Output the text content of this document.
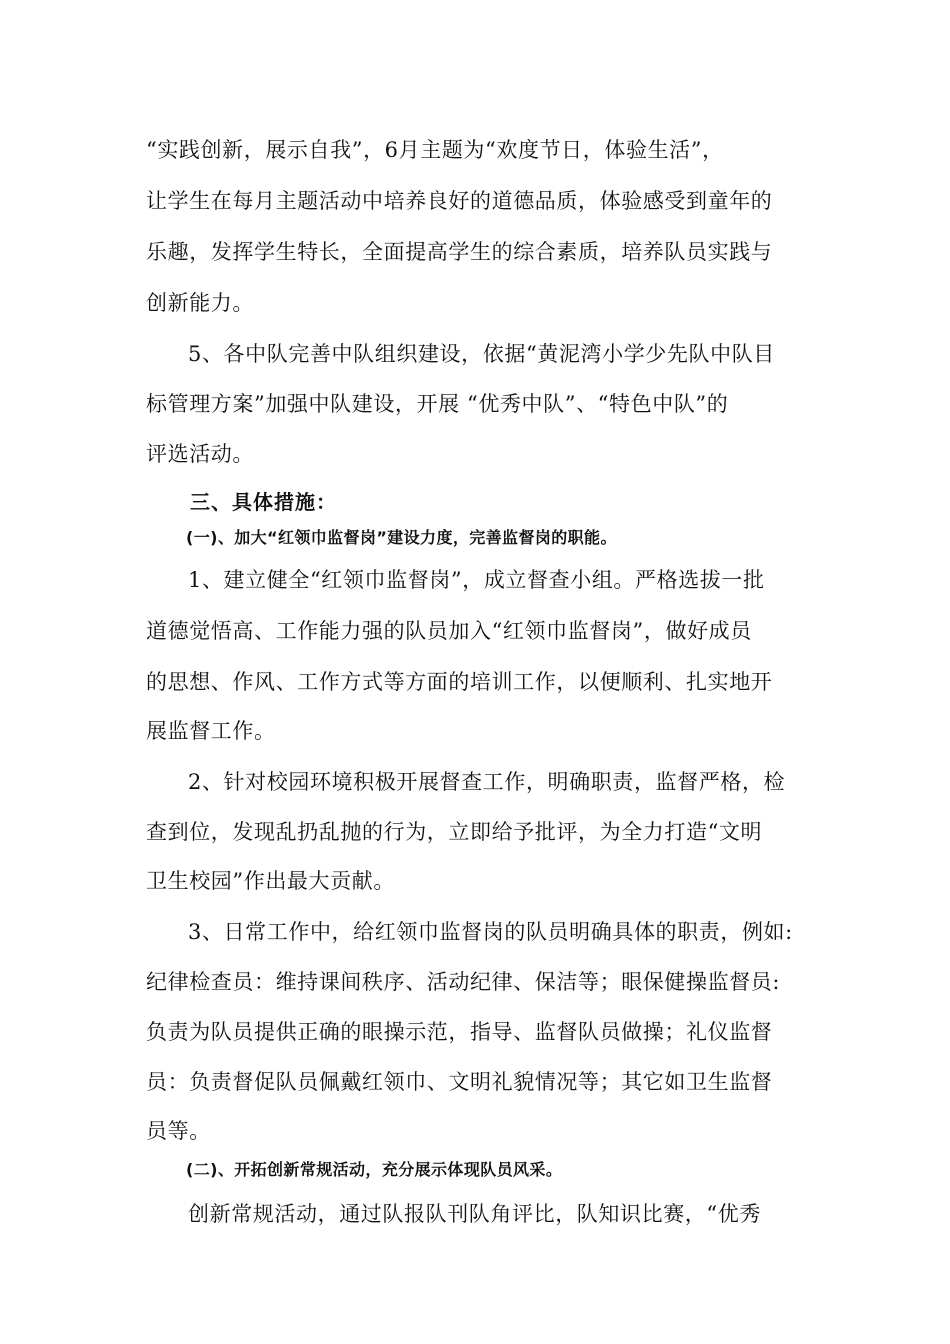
“实践创新，展示自我”，6月主题为“欢度节日，体验生活”，
让学生在每月主题活动中培养良好的道德品质，体验感受到童年的
乐趣，发挥学生特长，全面提高学生的综合素质，培养队员实践与
创新能力。
5、各中队完善中队组织建设，依据“黄泥湾小学少先队中队目
标管理方案”加强中队建设，开展 “优秀中队”、“特色中队”的
评选活动。
三、具体措施：
(一)、加大“红领巾监督岗”建设力度，完善监督岗的职能。
1、建立健全“红领巾监督岗”，成立督查小组。严格选拔一批
道德觉悟高、工作能力强的队员加入“红领巾监督岗”，做好成员
的思想、作风、工作方式等方面的培训工作，以便顺利、扎实地开
展监督工作。
2、针对校园环境积极开展督查工作，明确职责，监督严格，检
查到位，发现乱扔乱抛的行为，立即给予批评，为全力打造“文明
卫生校园”作出最大贡献。
3、日常工作中，给红领巾监督岗的队员明确具体的职责，例如:
纪律检查员：维持课间秩序、活动纪律、保洁等；眼保健操监督员:
负责为队员提供正确的眼操示范，指导、监督队员做操；礼仪监督
员：负责督促队员佩戴红领巾、文明礼貌情况等；其它如卫生监督
员等。
(二)、开拓创新常规活动，充分展示体现队员风采。
创新常规活动，通过队报队刊队角评比，队知识比赛，“优秀
